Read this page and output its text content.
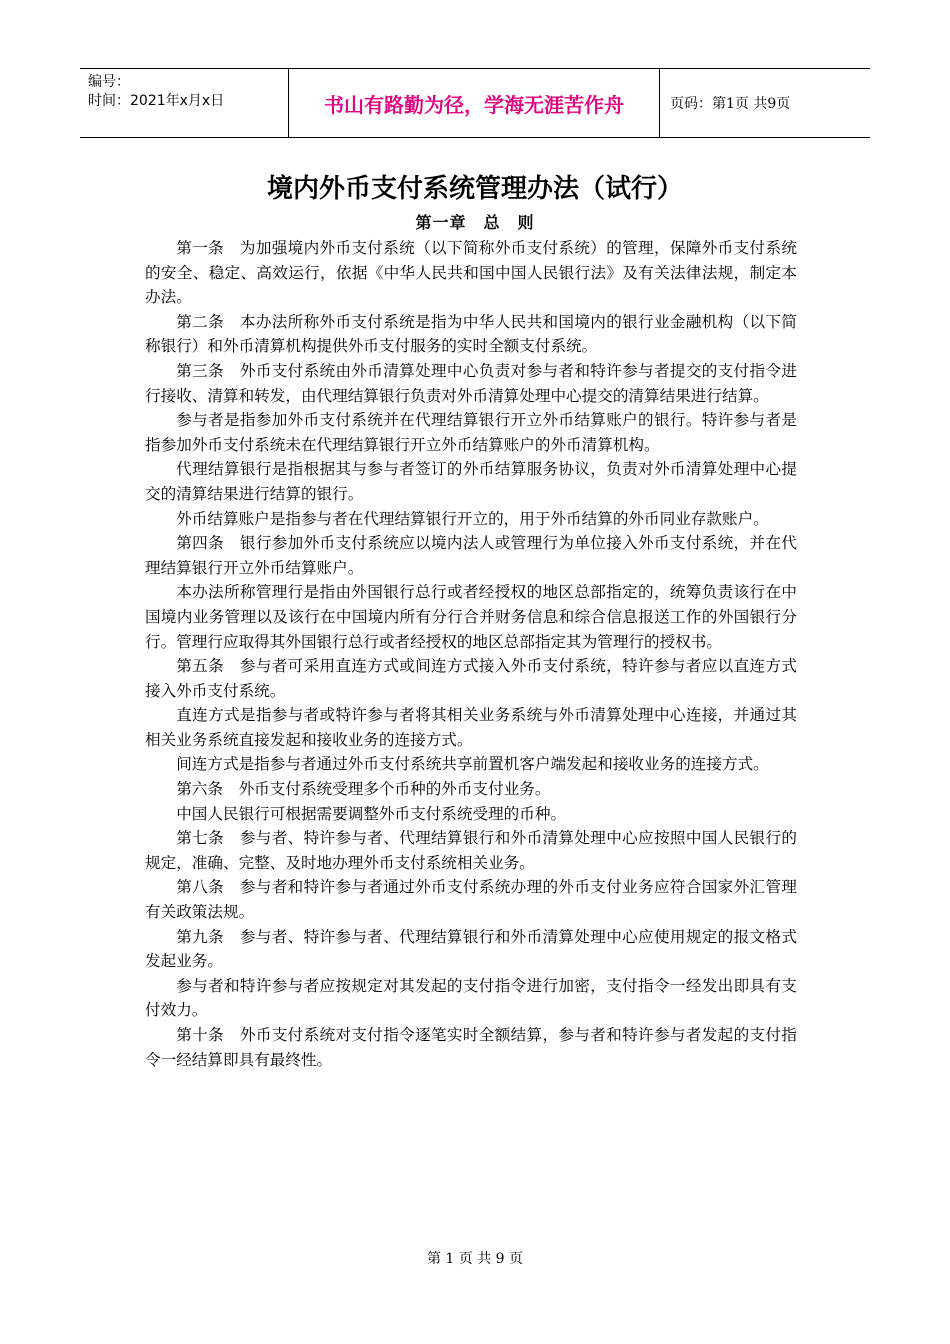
编号：
时间：2021年x月x日	书山有路勤为径，学海无涯苦作舟	页码：第1页 共9页
境内外币支付系统管理办法（试行）
第一章　总　则

第一条　为加强境内外币支付系统（以下简称外币支付系统）的管理，保障外币支付系统的安全、稳定、高效运行，依据《中华人民共和国中国人民银行法》及有关法律法规，制定本办法。

第二条　本办法所称外币支付系统是指为中华人民共和国境内的银行业金融机构（以下简称银行）和外币清算机构提供外币支付服务的实时全额支付系统。

第三条　外币支付系统由外币清算处理中心负责对参与者和特许参与者提交的支付指令进行接收、清算和转发，由代理结算银行负责对外币清算处理中心提交的清算结果进行结算。

参与者是指参加外币支付系统并在代理结算银行开立外币结算账户的银行。特许参与者是指参加外币支付系统未在代理结算银行开立外币结算账户的外币清算机构。

代理结算银行是指根据其与参与者签订的外币结算服务协议，负责对外币清算处理中心提交的清算结果进行结算的银行。

外币结算账户是指参与者在代理结算银行开立的，用于外币结算的外币同业存款账户。

第四条　银行参加外币支付系统应以境内法人或管理行为单位接入外币支付系统，并在代理结算银行开立外币结算账户。

本办法所称管理行是指由外国银行总行或者经授权的地区总部指定的，统筹负责该行在中国境内业务管理以及该行在中国境内所有分行合并财务信息和综合信息报送工作的外国银行分行。管理行应取得其外国银行总行或者经授权的地区总部指定其为管理行的授权书。

第五条　参与者可采用直连方式或间连方式接入外币支付系统，特许参与者应以直连方式接入外币支付系统。

直连方式是指参与者或特许参与者将其相关业务系统与外币清算处理中心连接，并通过其相关业务系统直接发起和接收业务的连接方式。

间连方式是指参与者通过外币支付系统共享前置机客户端发起和接收业务的连接方式。

第六条　外币支付系统受理多个币种的外币支付业务。

中国人民银行可根据需要调整外币支付系统受理的币种。

第七条　参与者、特许参与者、代理结算银行和外币清算处理中心应按照中国人民银行的规定，准确、完整、及时地办理外币支付系统相关业务。

第八条　参与者和特许参与者通过外币支付系统办理的外币支付业务应符合国家外汇管理有关政策法规。

第九条　参与者、特许参与者、代理结算银行和外币清算处理中心应使用规定的报文格式发起业务。

参与者和特许参与者应按规定对其发起的支付指令进行加密，支付指令一经发出即具有支付效力。

第十条　外币支付系统对支付指令逐笔实时全额结算，参与者和特许参与者发起的支付指令一经结算即具有最终性。

第 1 页 共 9 页
